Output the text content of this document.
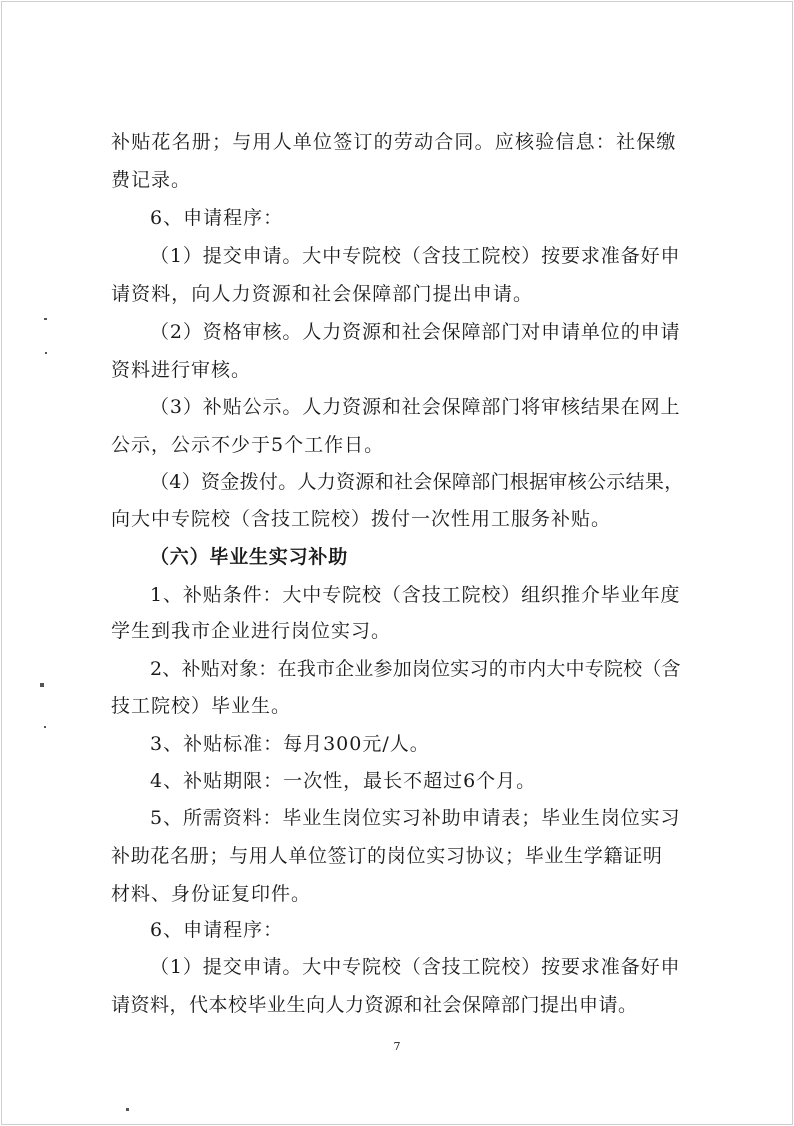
补贴花名册；与用人单位签订的劳动合同。应核验信息：社保缴
费记录。
6、申请程序：
（1）提交申请。大中专院校（含技工院校）按要求准备好申
请资料，向人力资源和社会保障部门提出申请。
（2）资格审核。人力资源和社会保障部门对申请单位的申请
资料进行审核。
（3）补贴公示。人力资源和社会保障部门将审核结果在网上
公示，公示不少于5个工作日。
（4）资金拨付。人力资源和社会保障部门根据审核公示结果，
向大中专院校（含技工院校）拨付一次性用工服务补贴。
（六）毕业生实习补助
1、补贴条件：大中专院校（含技工院校）组织推介毕业年度
学生到我市企业进行岗位实习。
2、补贴对象：在我市企业参加岗位实习的市内大中专院校（含
技工院校）毕业生。
3、补贴标准：每月300元/人。
4、补贴期限：一次性，最长不超过6个月。
5、所需资料：毕业生岗位实习补助申请表；毕业生岗位实习
补助花名册；与用人单位签订的岗位实习协议；毕业生学籍证明
材料、身份证复印件。
6、申请程序：
（1）提交申请。大中专院校（含技工院校）按要求准备好申
请资料，代本校毕业生向人力资源和社会保障部门提出申请。
7
